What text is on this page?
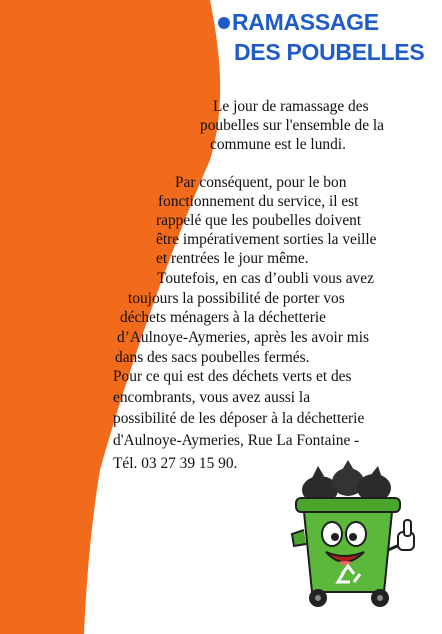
RAMASSAGE
DES POUBELLES
Le jour de ramassage des
poubelles sur l'ensemble de la
commune est le lundi.
Par conséquent, pour le bon
fonctionnement du service, il est
rappelé que les poubelles doivent
être impérativement sorties la veille
et rentrées le jour même.
Toutefois, en cas d’oubli vous avez
toujours la possibilité de porter vos
déchets ménagers à la déchetterie
d’Aulnoye-Aymeries, après les avoir mis
dans des sacs poubelles fermés.
Pour ce qui est des déchets verts et des
encombrants, vous avez aussi la
possibilité de les déposer à la déchetterie
d'Aulnoye-Aymeries, Rue La Fontaine -
Tél. 03 27 39 15 90.
